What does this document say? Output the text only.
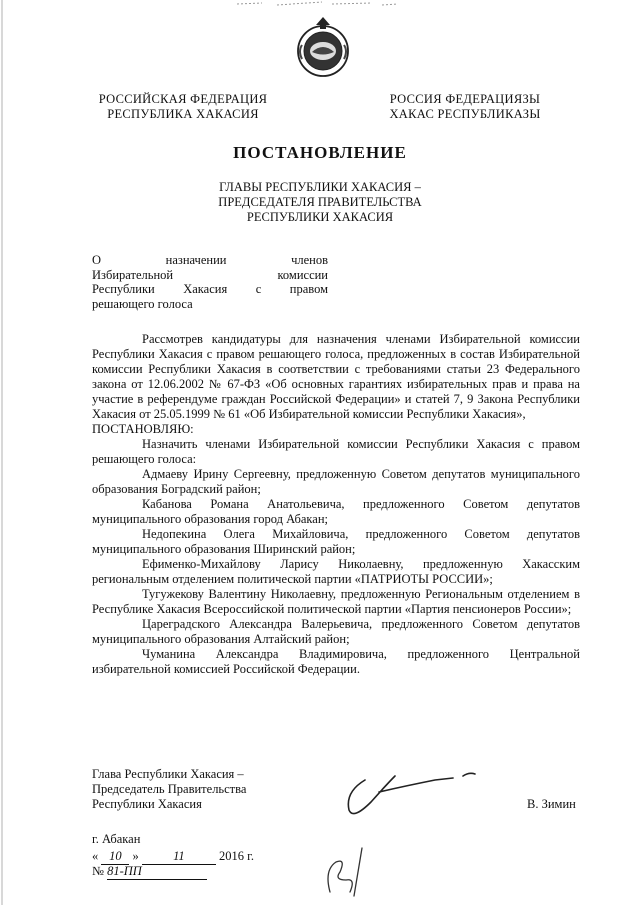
РОССИЙСКАЯ ФЕДЕРАЦИЯ
РЕСПУБЛИКА ХАКАСИЯ
РОССИЯ ФЕДЕРАЦИЯЗЫ
ХАКАС РЕСПУБЛИКАЗЫ
ПОСТАНОВЛЕНИЕ
ГЛАВЫ РЕСПУБЛИКИ ХАКАСИЯ –
ПРЕДСЕДАТЕЛЯ ПРАВИТЕЛЬСТВА
РЕСПУБЛИКИ ХАКАСИЯ
О назначении членов
Избирательной комиссии
Республики Хакасия с правом
решающего голоса

Рассмотрев кандидатуры для назначения членами Избирательной комиссии Республики Хакасия с правом решающего голоса, предложенных в состав Избирательной комиссии Республики Хакасия в соответствии с требованиями статьи 23 Федерального закона от 12.06.2002 № 67-ФЗ «Об основных гарантиях избирательных прав и права на участие в референдуме граждан Российской Федерации» и статей 7, 9 Закона Республики Хакасия от 25.05.1999 № 61 «Об Избирательной комиссии Республики Хакасия»,

ПОСТАНОВЛЯЮ:

Назначить членами Избирательной комиссии Республики Хакасия с правом решающего голоса:

Адмаеву Ирину Сергеевну, предложенную Советом депутатов муниципального образования Боградский район;

Кабанова Романа Анатольевича, предложенного Советом депутатов муниципального образования город Абакан;

Недопекина Олега Михайловича, предложенного Советом депутатов муниципального образования Ширинский район;

Ефименко-Михайлову Ларису Николаевну, предложенную Хакасским региональным отделением политической партии «ПАТРИОТЫ РОССИИ»;

Тугужекову Валентину Николаевну, предложенную Региональным отделением в Республике Хакасия Всероссийской политической партии «Партия пенсионеров России»;

Цареградского Александра Валерьевича, предложенного Советом депутатов муниципального образования Алтайский район;

Чуманина Александра Владимировича, предложенного Центральной избирательной комиссией Российской Федерации.

Глава Республики Хакасия –
Председатель Правительства
Республики Хакасия	В. Зимин
г. Абакан
« 10 »	11	2016 г.
№ 81-ПП
